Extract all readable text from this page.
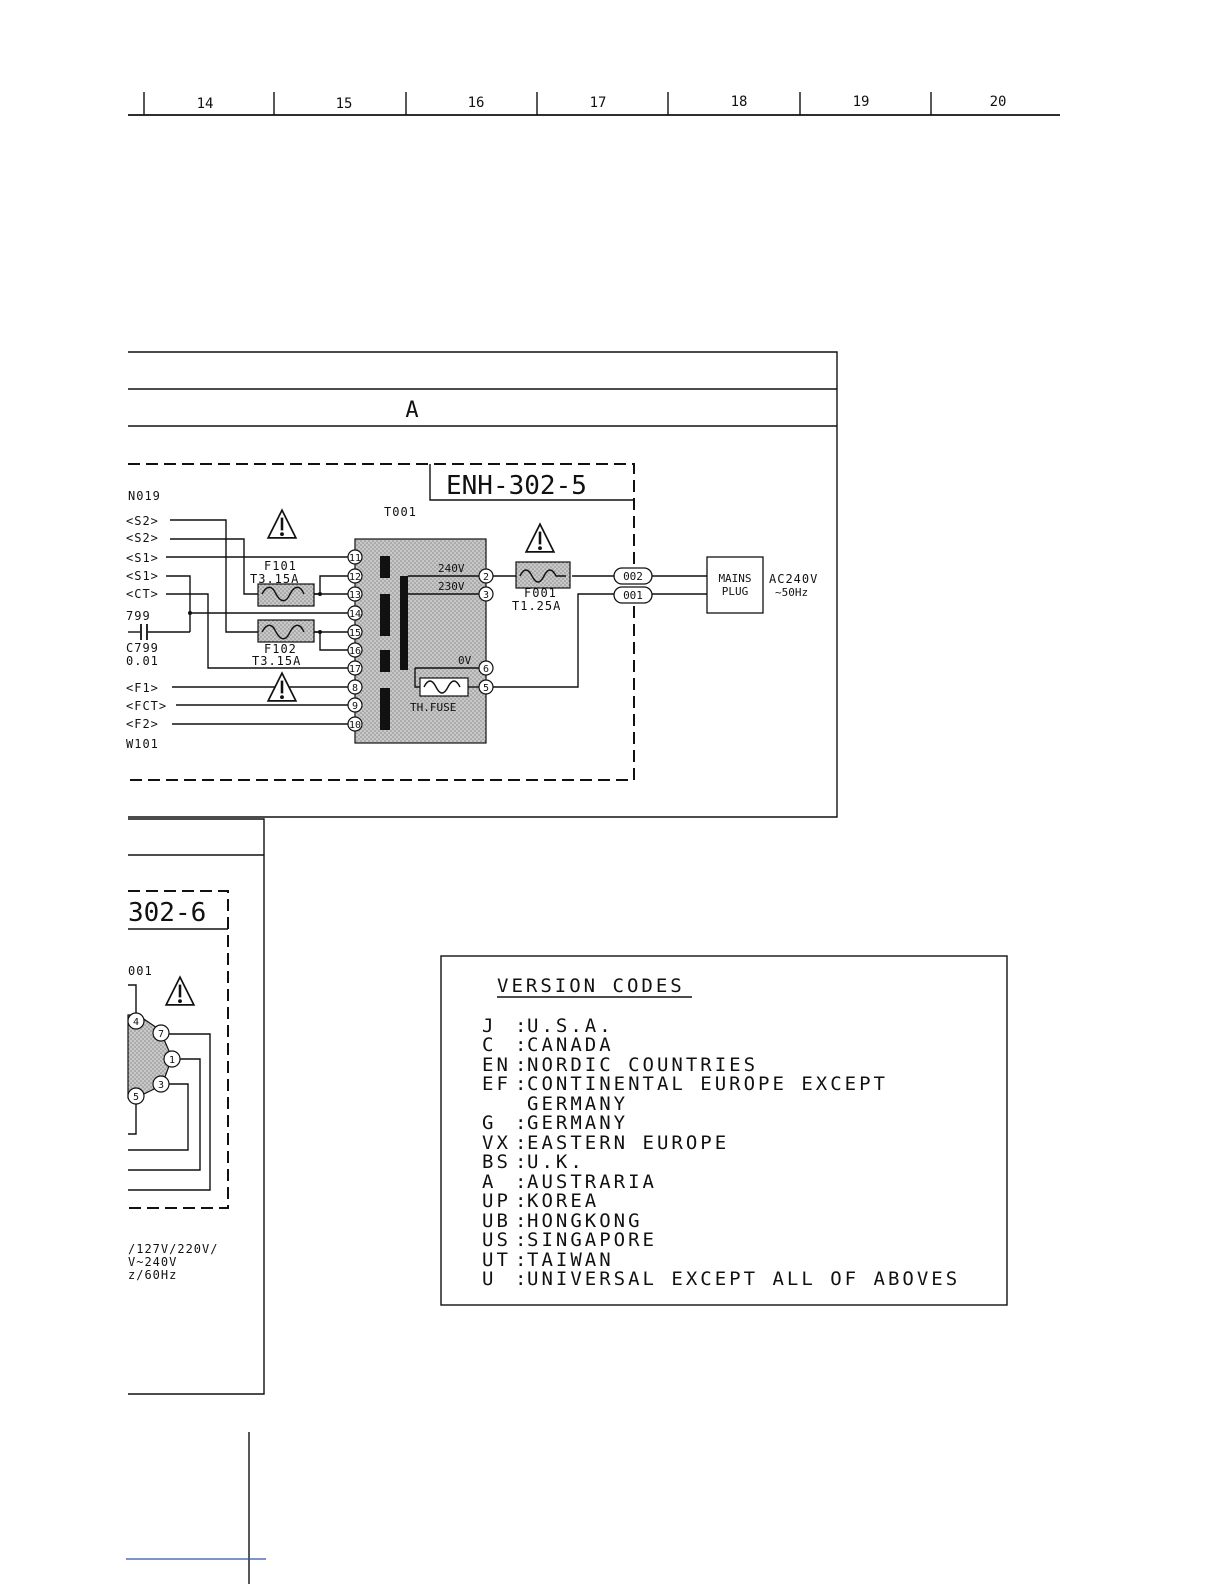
14	15	16	17	18	19	20
A
ENH-302-5
N019
<S2>
<S2>
<S1>
<S1>
<CT>
799
C799
0.01
<F1>
<FCT>
<F2>
W101
F101
T3.15A
F102
T3.15A
T001
240V
230V
0V
TH.FUSE
11
12
13
14
15
16
17
8
9
10
2
3
6
5
F001
T1.25A
002
001
MAINS
PLUG
AC240V
~50Hz
302-6
001
4
7
1
3
5
/127V/220V/
V~240V
z/60Hz
VERSION CODES
J :
U.S.A.
C :
CANADA
EN :
NORDIC COUNTRIES
EF :
CONTINENTAL EUROPE EXCEPT
GERMANY
G :
GERMANY
VX :
EASTERN EUROPE
BS :
U.K.
A :
AUSTRARIA
UP :
KOREA
UB :
HONGKONG
US :
SINGAPORE
UT :
TAIWAN
U :
UNIVERSAL EXCEPT ALL OF ABOVES
